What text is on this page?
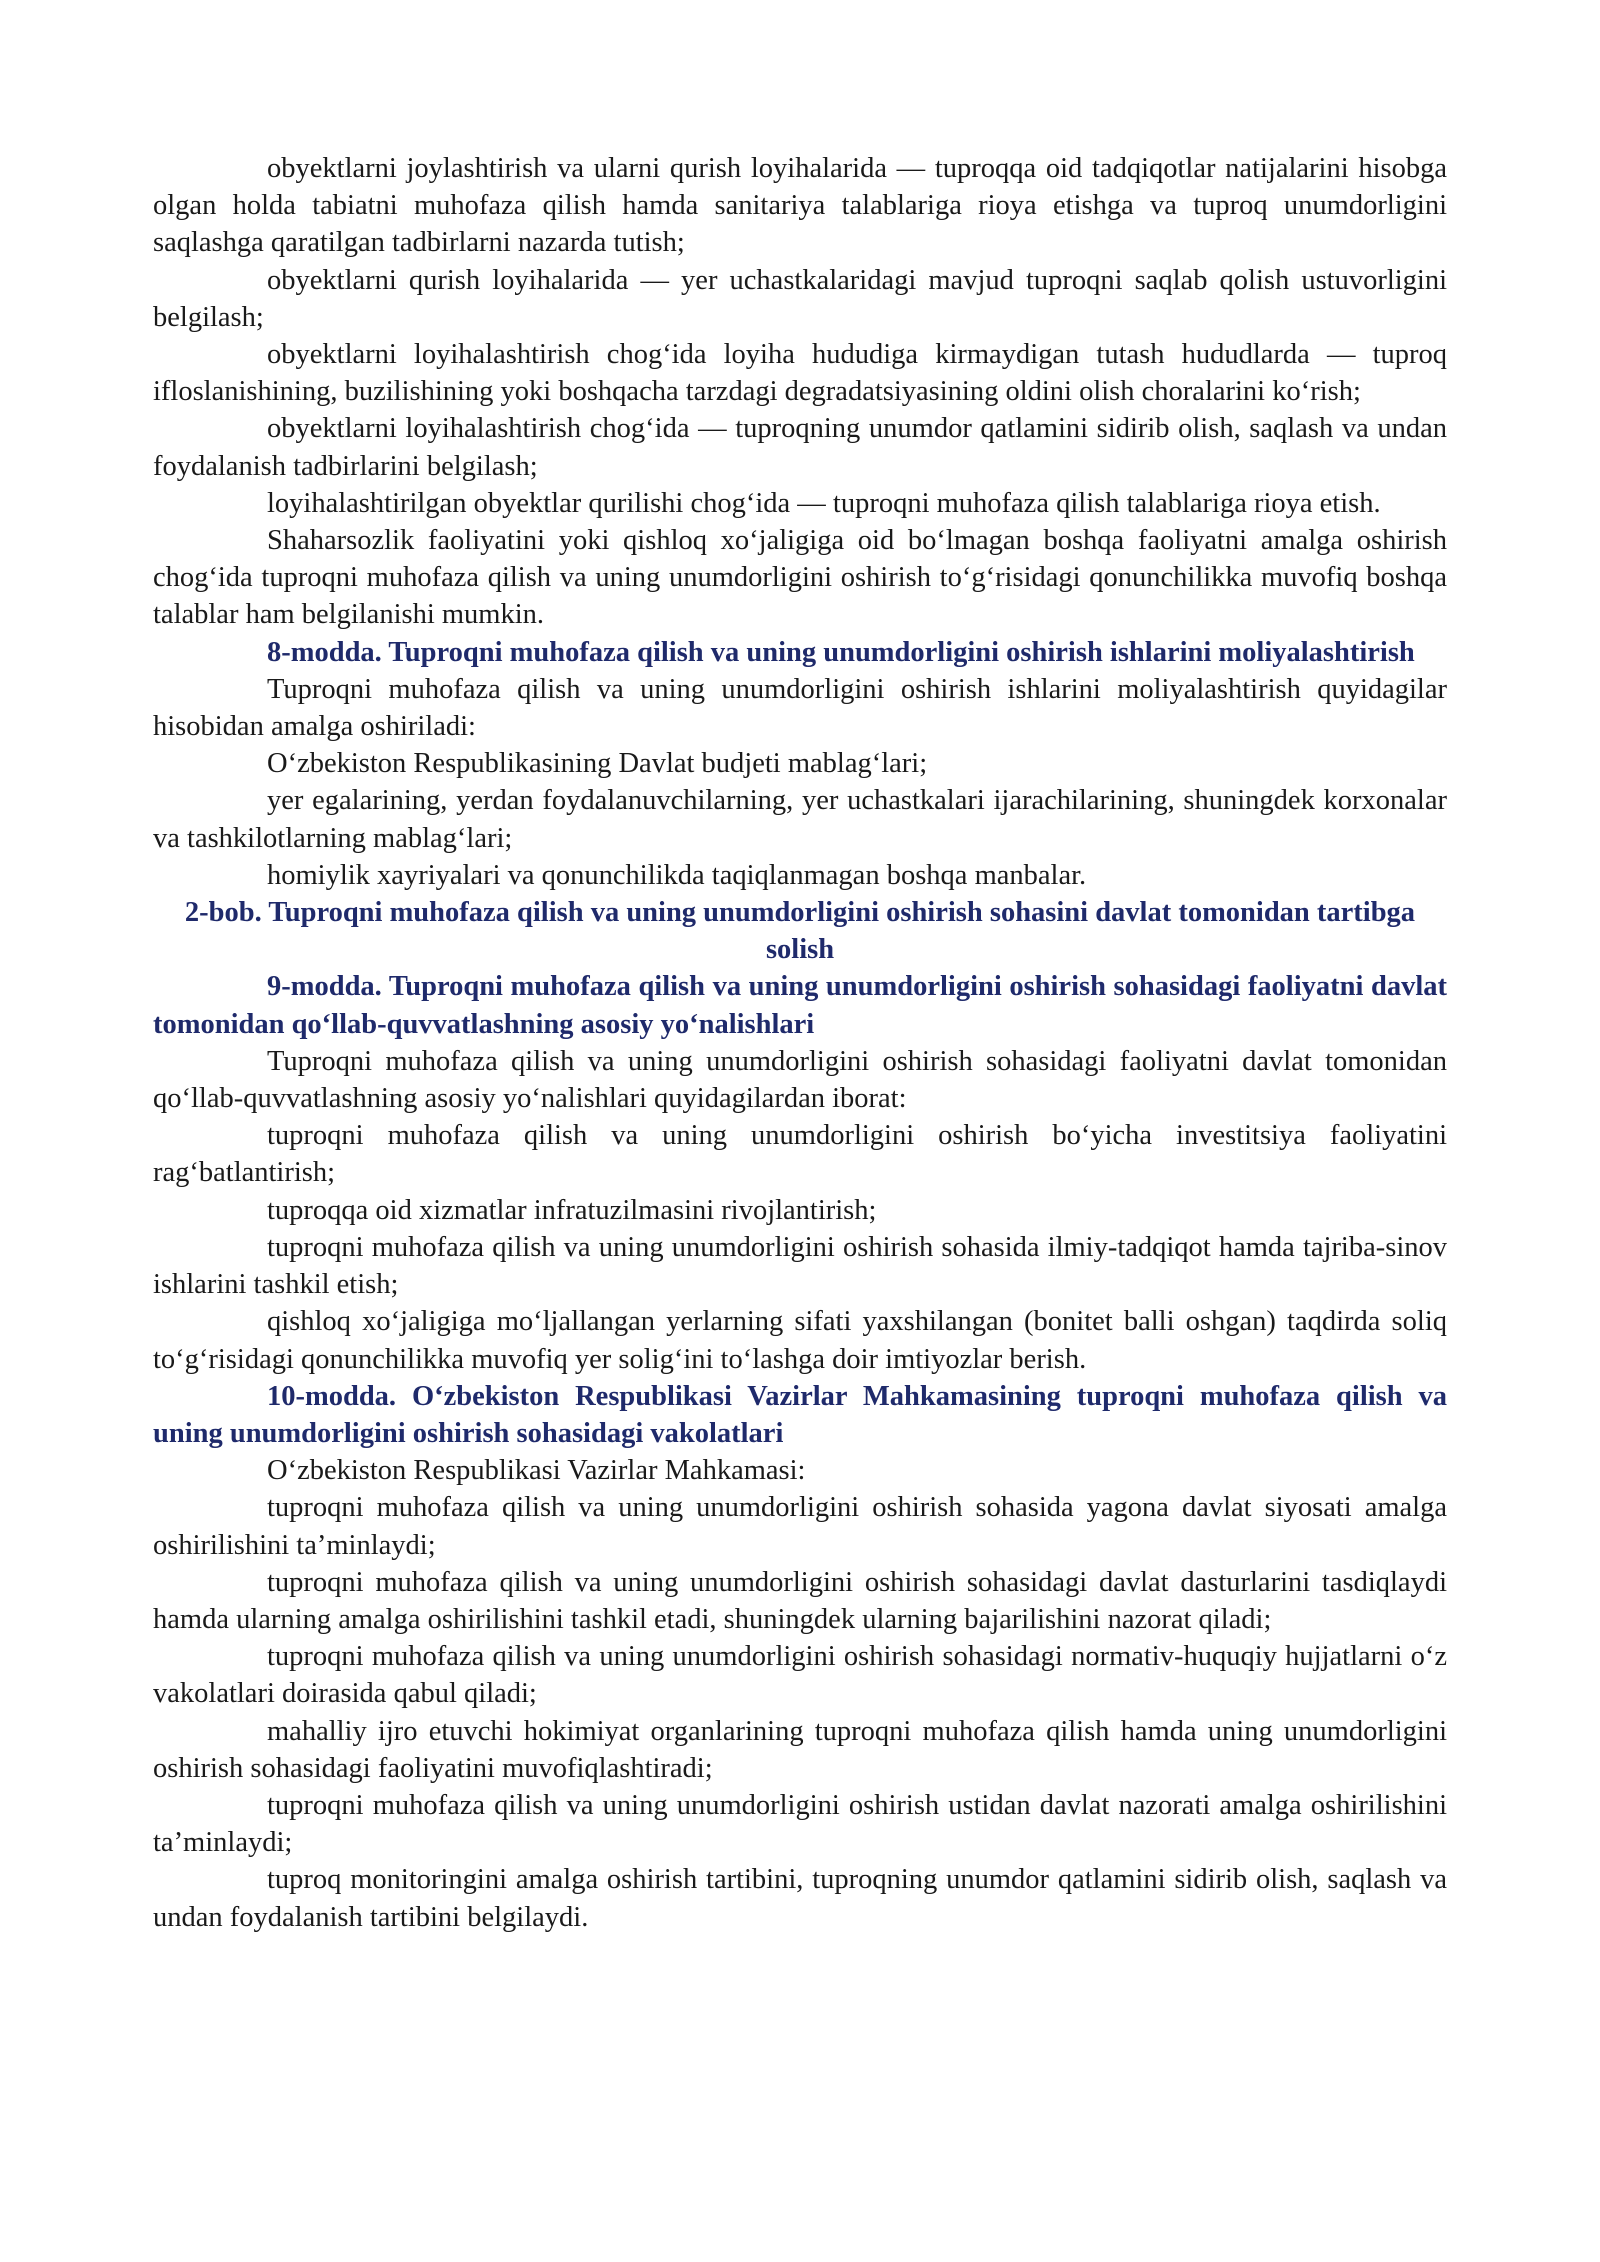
obyektlarni joylashtirish va ularni qurish loyihalarida — tuproqqa oid tadqiqotlar natijalarini hisobga olgan holda tabiatni muhofaza qilish hamda sanitariya talablariga rioya etishga va tuproq unumdorligini saqlashga qaratilgan tadbirlarni nazarda tutish;

obyektlarni qurish loyihalarida — yer uchastkalaridagi mavjud tuproqni saqlab qolish ustuvorligini belgilash;

obyektlarni loyihalashtirish chog‘ida loyiha hududiga kirmaydigan tutash hududlarda — tuproq ifloslanishining, buzilishining yoki boshqacha tarzdagi degradatsiyasining oldini olish choralarini ko‘rish;

obyektlarni loyihalashtirish chog‘ida — tuproqning unumdor qatlamini sidirib olish, saqlash va undan foydalanish tadbirlarini belgilash;

loyihalashtirilgan obyektlar qurilishi chog‘ida — tuproqni muhofaza qilish talablariga rioya etish.

Shaharsozlik faoliyatini yoki qishloq xo‘jaligiga oid bo‘lmagan boshqa faoliyatni amalga oshirish chog‘ida tuproqni muhofaza qilish va uning unumdorligini oshirish to‘g‘risidagi qonunchilikka muvofiq boshqa talablar ham belgilanishi mumkin.

8-modda. Tuproqni muhofaza qilish va uning unumdorligini oshirish ishlarini moliyalashtirish

Tuproqni muhofaza qilish va uning unumdorligini oshirish ishlarini moliyalashtirish quyidagilar hisobidan amalga oshiriladi:

O‘zbekiston Respublikasining Davlat budjeti mablag‘lari;

yer egalarining, yerdan foydalanuvchilarning, yer uchastkalari ijarachilarining, shuningdek korxonalar va tashkilotlarning mablag‘lari;

homiylik xayriyalari va qonunchilikda taqiqlanmagan boshqa manbalar.

2-bob. Tuproqni muhofaza qilish va uning unumdorligini oshirish sohasini davlat tomonidan tartibga solish

9-modda. Tuproqni muhofaza qilish va uning unumdorligini oshirish sohasidagi faoliyatni davlat tomonidan qo‘llab-quvvatlashning asosiy yo‘nalishlari

Tuproqni muhofaza qilish va uning unumdorligini oshirish sohasidagi faoliyatni davlat tomonidan qo‘llab-quvvatlashning asosiy yo‘nalishlari quyidagilardan iborat:

tuproqni muhofaza qilish va uning unumdorligini oshirish bo‘yicha investitsiya faoliyatini rag‘batlantirish;

tuproqqa oid xizmatlar infratuzilmasini rivojlantirish;

tuproqni muhofaza qilish va uning unumdorligini oshirish sohasida ilmiy-tadqiqot hamda tajriba-sinov ishlarini tashkil etish;

qishloq xo‘jaligiga mo‘ljallangan yerlarning sifati yaxshilangan (bonitet balli oshgan) taqdirda soliq to‘g‘risidagi qonunchilikka muvofiq yer solig‘ini to‘lashga doir imtiyozlar berish.

10-modda. O‘zbekiston Respublikasi Vazirlar Mahkamasining tuproqni muhofaza qilish va uning unumdorligini oshirish sohasidagi vakolatlari

O‘zbekiston Respublikasi Vazirlar Mahkamasi:

tuproqni muhofaza qilish va uning unumdorligini oshirish sohasida yagona davlat siyosati amalga oshirilishini ta’minlaydi;

tuproqni muhofaza qilish va uning unumdorligini oshirish sohasidagi davlat dasturlarini tasdiqlaydi hamda ularning amalga oshirilishini tashkil etadi, shuningdek ularning bajarilishini nazorat qiladi;

tuproqni muhofaza qilish va uning unumdorligini oshirish sohasidagi normativ-huquqiy hujjatlarni o‘z vakolatlari doirasida qabul qiladi;

mahalliy ijro etuvchi hokimiyat organlarining tuproqni muhofaza qilish hamda uning unumdorligini oshirish sohasidagi faoliyatini muvofiqlashtiradi;

tuproqni muhofaza qilish va uning unumdorligini oshirish ustidan davlat nazorati amalga oshirilishini ta’minlaydi;

tuproq monitoringini amalga oshirish tartibini, tuproqning unumdor qatlamini sidirib olish, saqlash va undan foydalanish tartibini belgilaydi.
